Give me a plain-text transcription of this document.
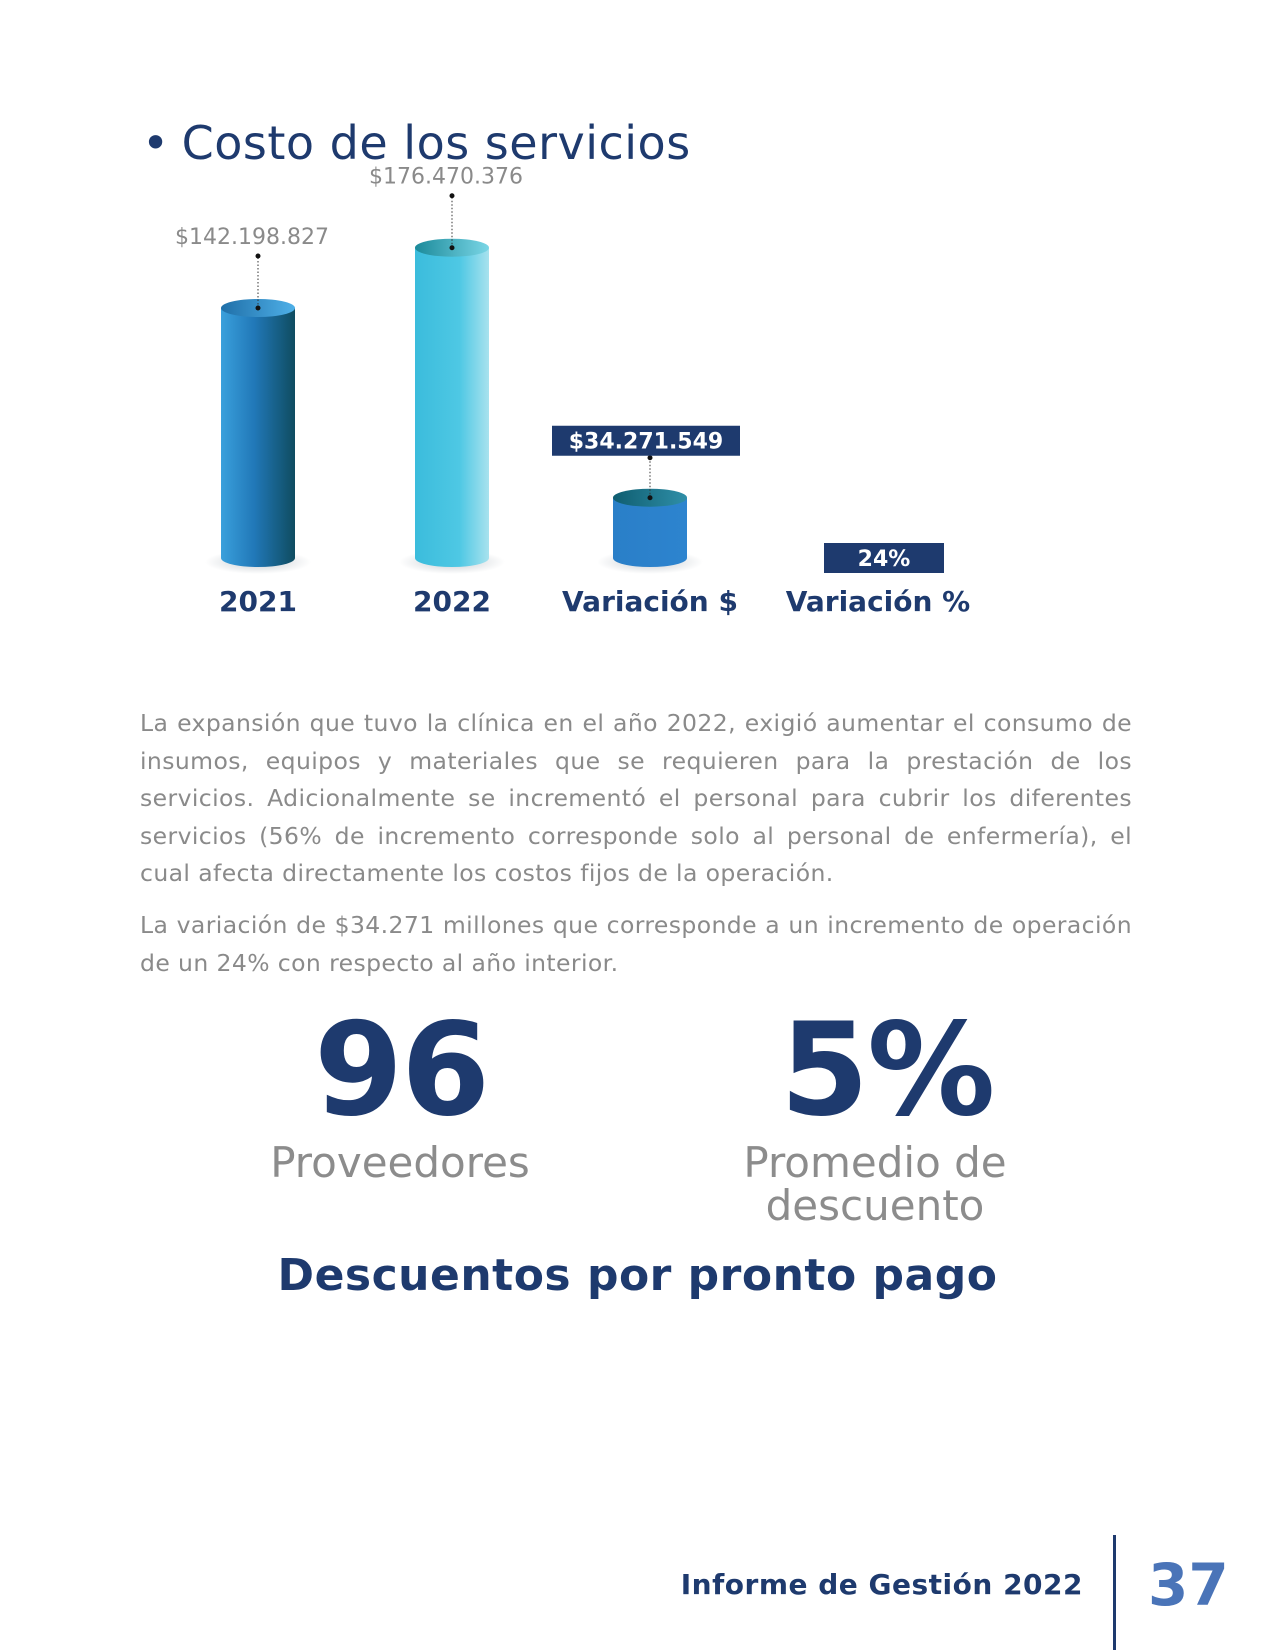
• Costo de los servicios
$142.198.827
$176.470.376
$34.271.549
24%
2021	2022	Variación $ Variación %

La expansión que tuvo la clínica en el año 2022, exigió aumentar el consumo de insumos, equipos y materiales que se requieren para la prestación de los servicios. Adicionalmente se incrementó el personal para cubrir los diferentes servicios (56% de incremento corresponde solo al personal de enfermería), el cual afecta directamente los costos fijos de la operación.

La variación de $34.271 millones que corresponde a un incremento de operación de un 24% con respecto al año interior.

96
Proveedores
5%
Promedio de descuento
Descuentos por pronto pago
Informe de Gestión 2022 37
